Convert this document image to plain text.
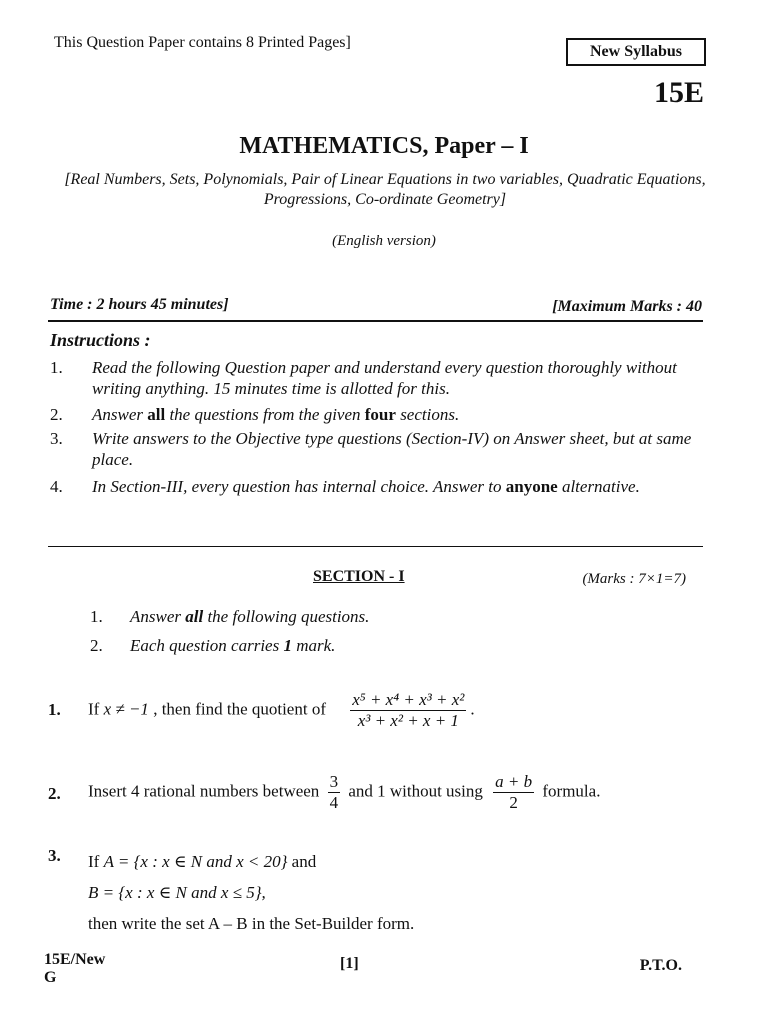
This Question Paper contains 8 Printed Pages]
New Syllabus
15E
MATHEMATICS, Paper – I
[Real Numbers, Sets, Polynomials, Pair of Linear Equations in two variables, Quadratic Equations, Progressions, Co-ordinate Geometry]
(English version)
Time : 2 hours 45 minutes]	[Maximum Marks : 40
Instructions :
1. Read the following Question paper and understand every question thoroughly without writing anything. 15 minutes time is allotted for this.
2. Answer all the questions from the given four sections.
3. Write answers to the Objective type questions (Section-IV) on Answer sheet, but at same place.
4. In Section-III, every question has internal choice. Answer to anyone alternative.
SECTION - I	(Marks : 7×1=7)
1. Answer all the following questions.
2. Each question carries 1 mark.
1. If x ≠ −1 , then find the quotient of $\frac{\text{x⁵ + x⁴ + x³ + x²}}{\text{x³ + x² + x + 1}}$ .
2. Insert 4 rational numbers between $\frac{3}{4}$ and 1 without using $\frac{a + b}{2}$ formula.
3. If A = {x : x ∈ N and x < 20} and
B = {x : x ∈ N and x ≤ 5},
then write the set A – B in the Set-Builder form.
15E/New
G
[1]	P.T.O.
